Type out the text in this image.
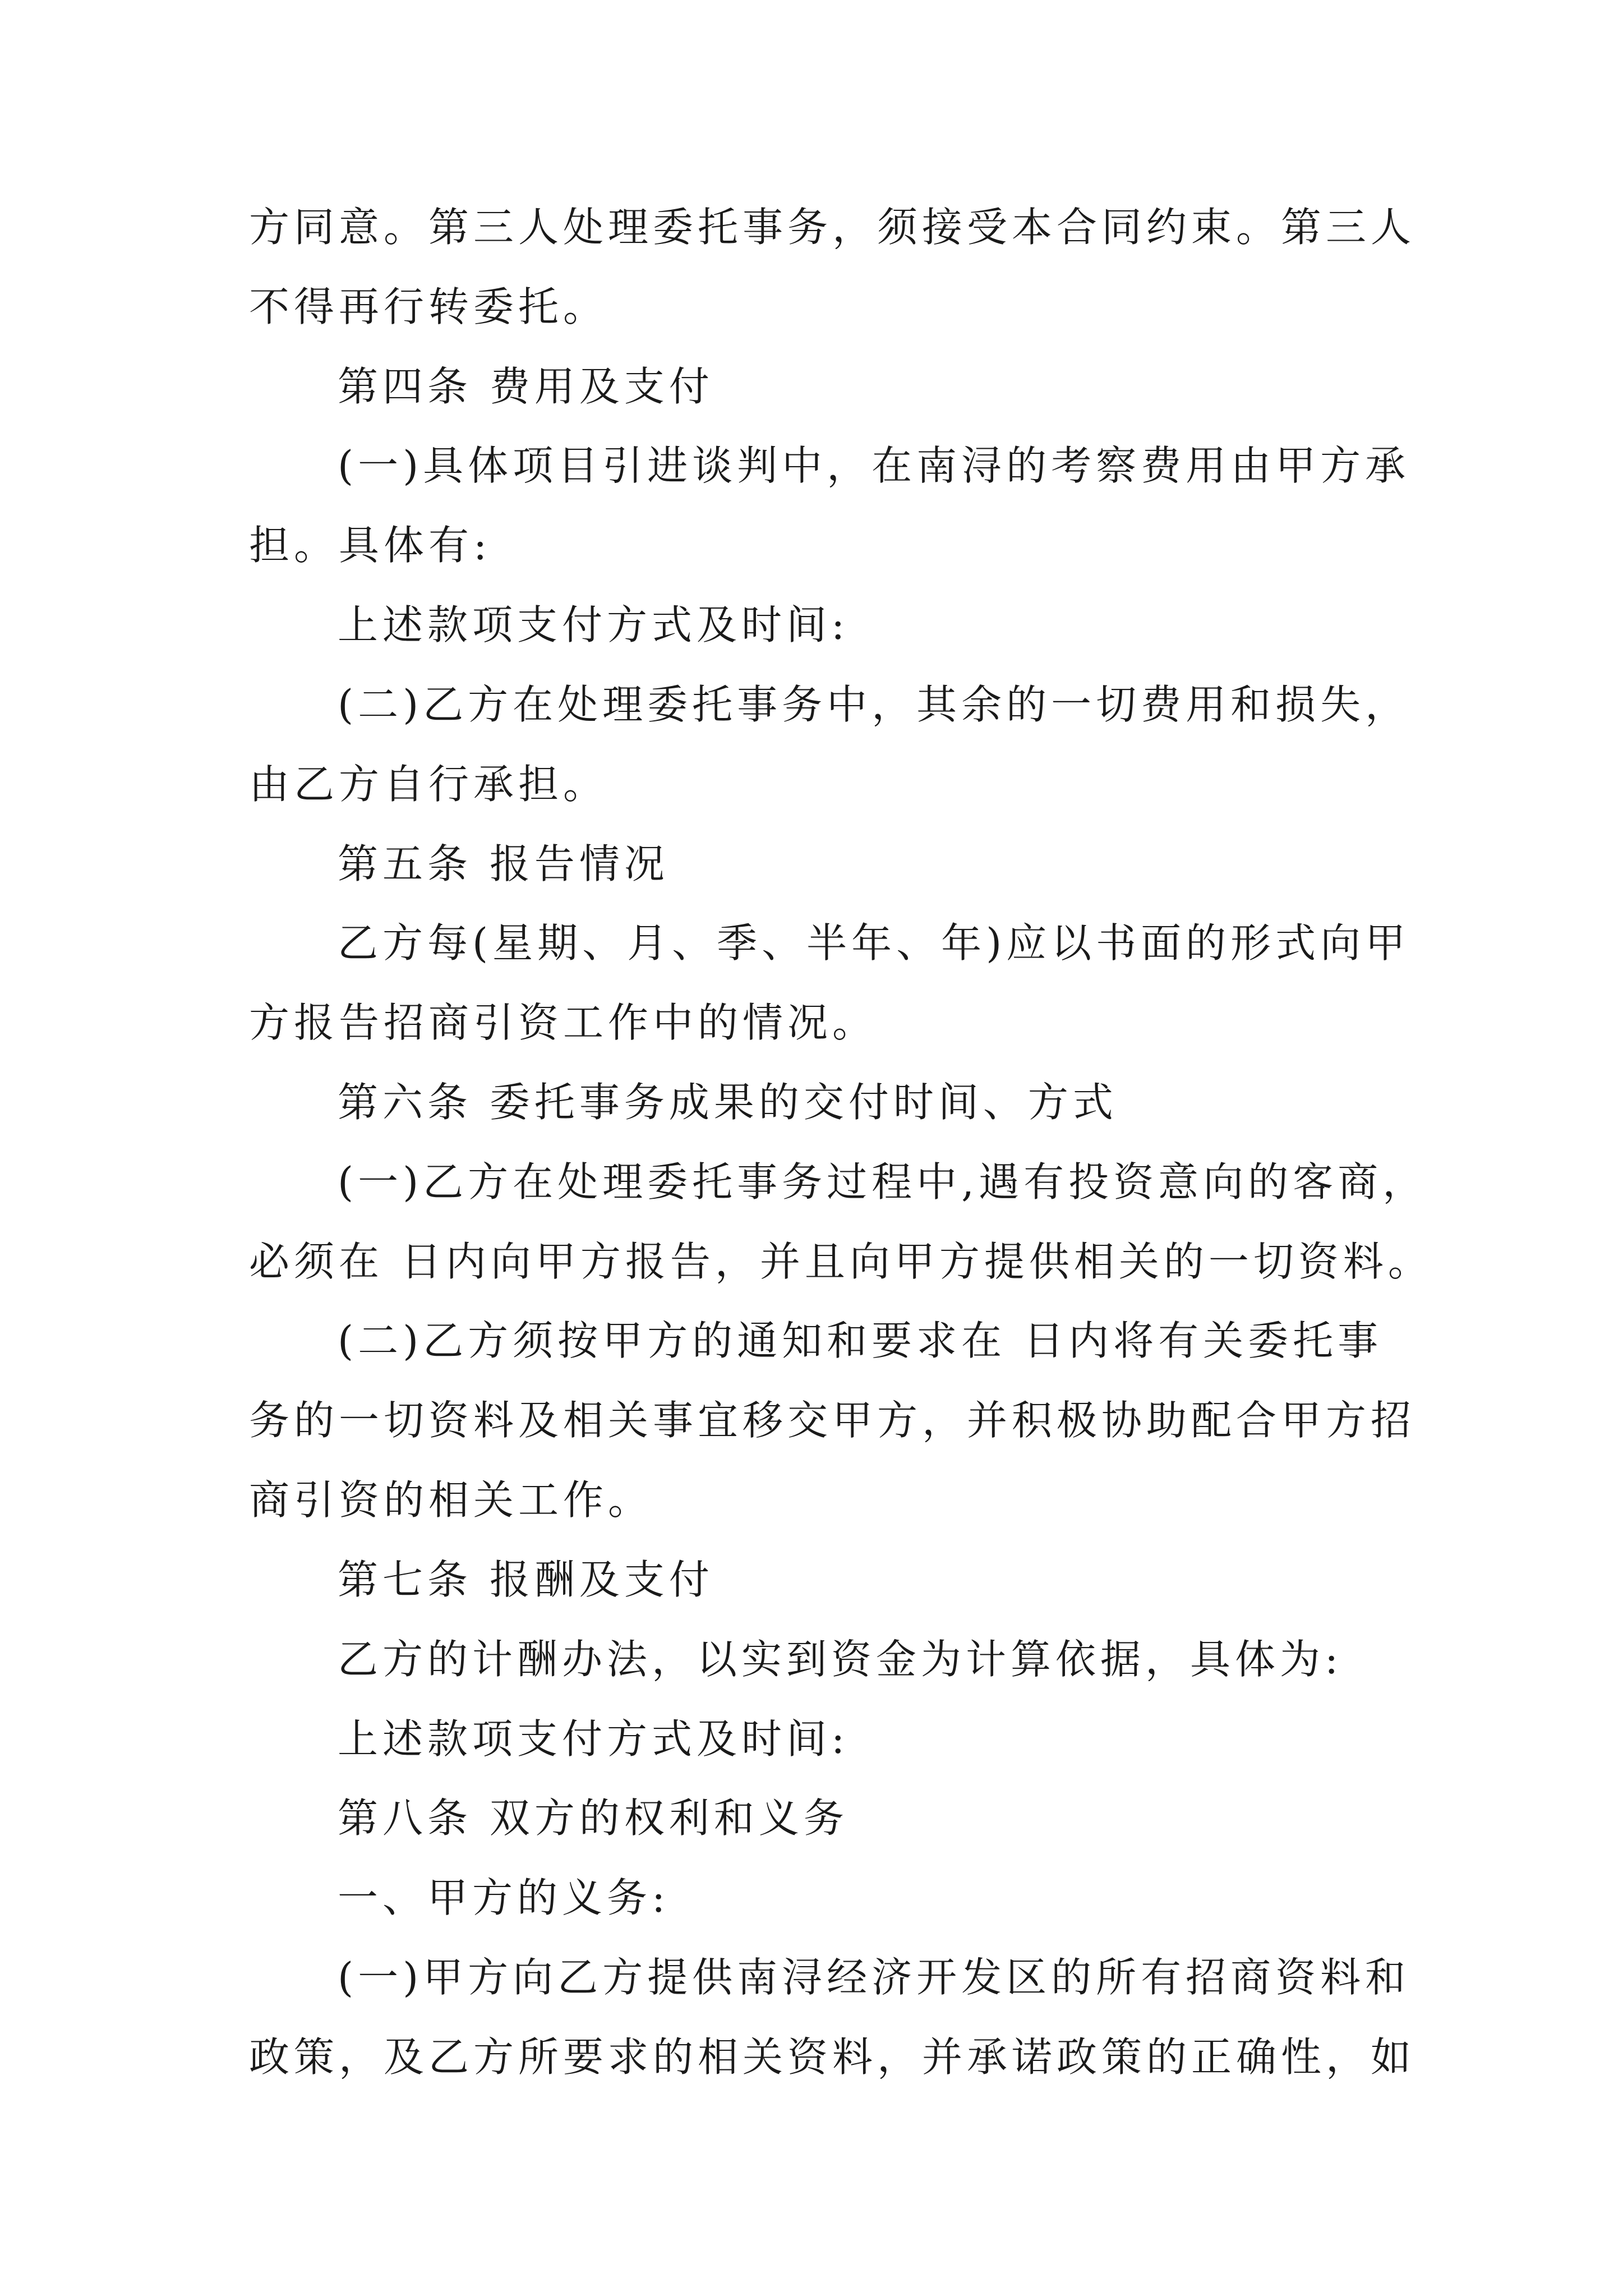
方同意。第三人处理委托事务，须接受本合同约束。第三人
不得再行转委托。
第四条 费用及支付
(一)具体项目引进谈判中，在南浔的考察费用由甲方承
担。具体有:
上述款项支付方式及时间:
(二)乙方在处理委托事务中，其余的一切费用和损失，
由乙方自行承担。
第五条 报告情况
乙方每(星期、月、季、半年、年)应以书面的形式向甲
方报告招商引资工作中的情况。
第六条 委托事务成果的交付时间、方式
(一)乙方在处理委托事务过程中,遇有投资意向的客商，
必须在 日内向甲方报告，并且向甲方提供相关的一切资料。
(二)乙方须按甲方的通知和要求在 日内将有关委托事
务的一切资料及相关事宜移交甲方，并积极协助配合甲方招
商引资的相关工作。
第七条 报酬及支付
乙方的计酬办法，以实到资金为计算依据，具体为:
上述款项支付方式及时间:
第八条 双方的权利和义务
一、甲方的义务:
(一)甲方向乙方提供南浔经济开发区的所有招商资料和
政策，及乙方所要求的相关资料，并承诺政策的正确性，如
